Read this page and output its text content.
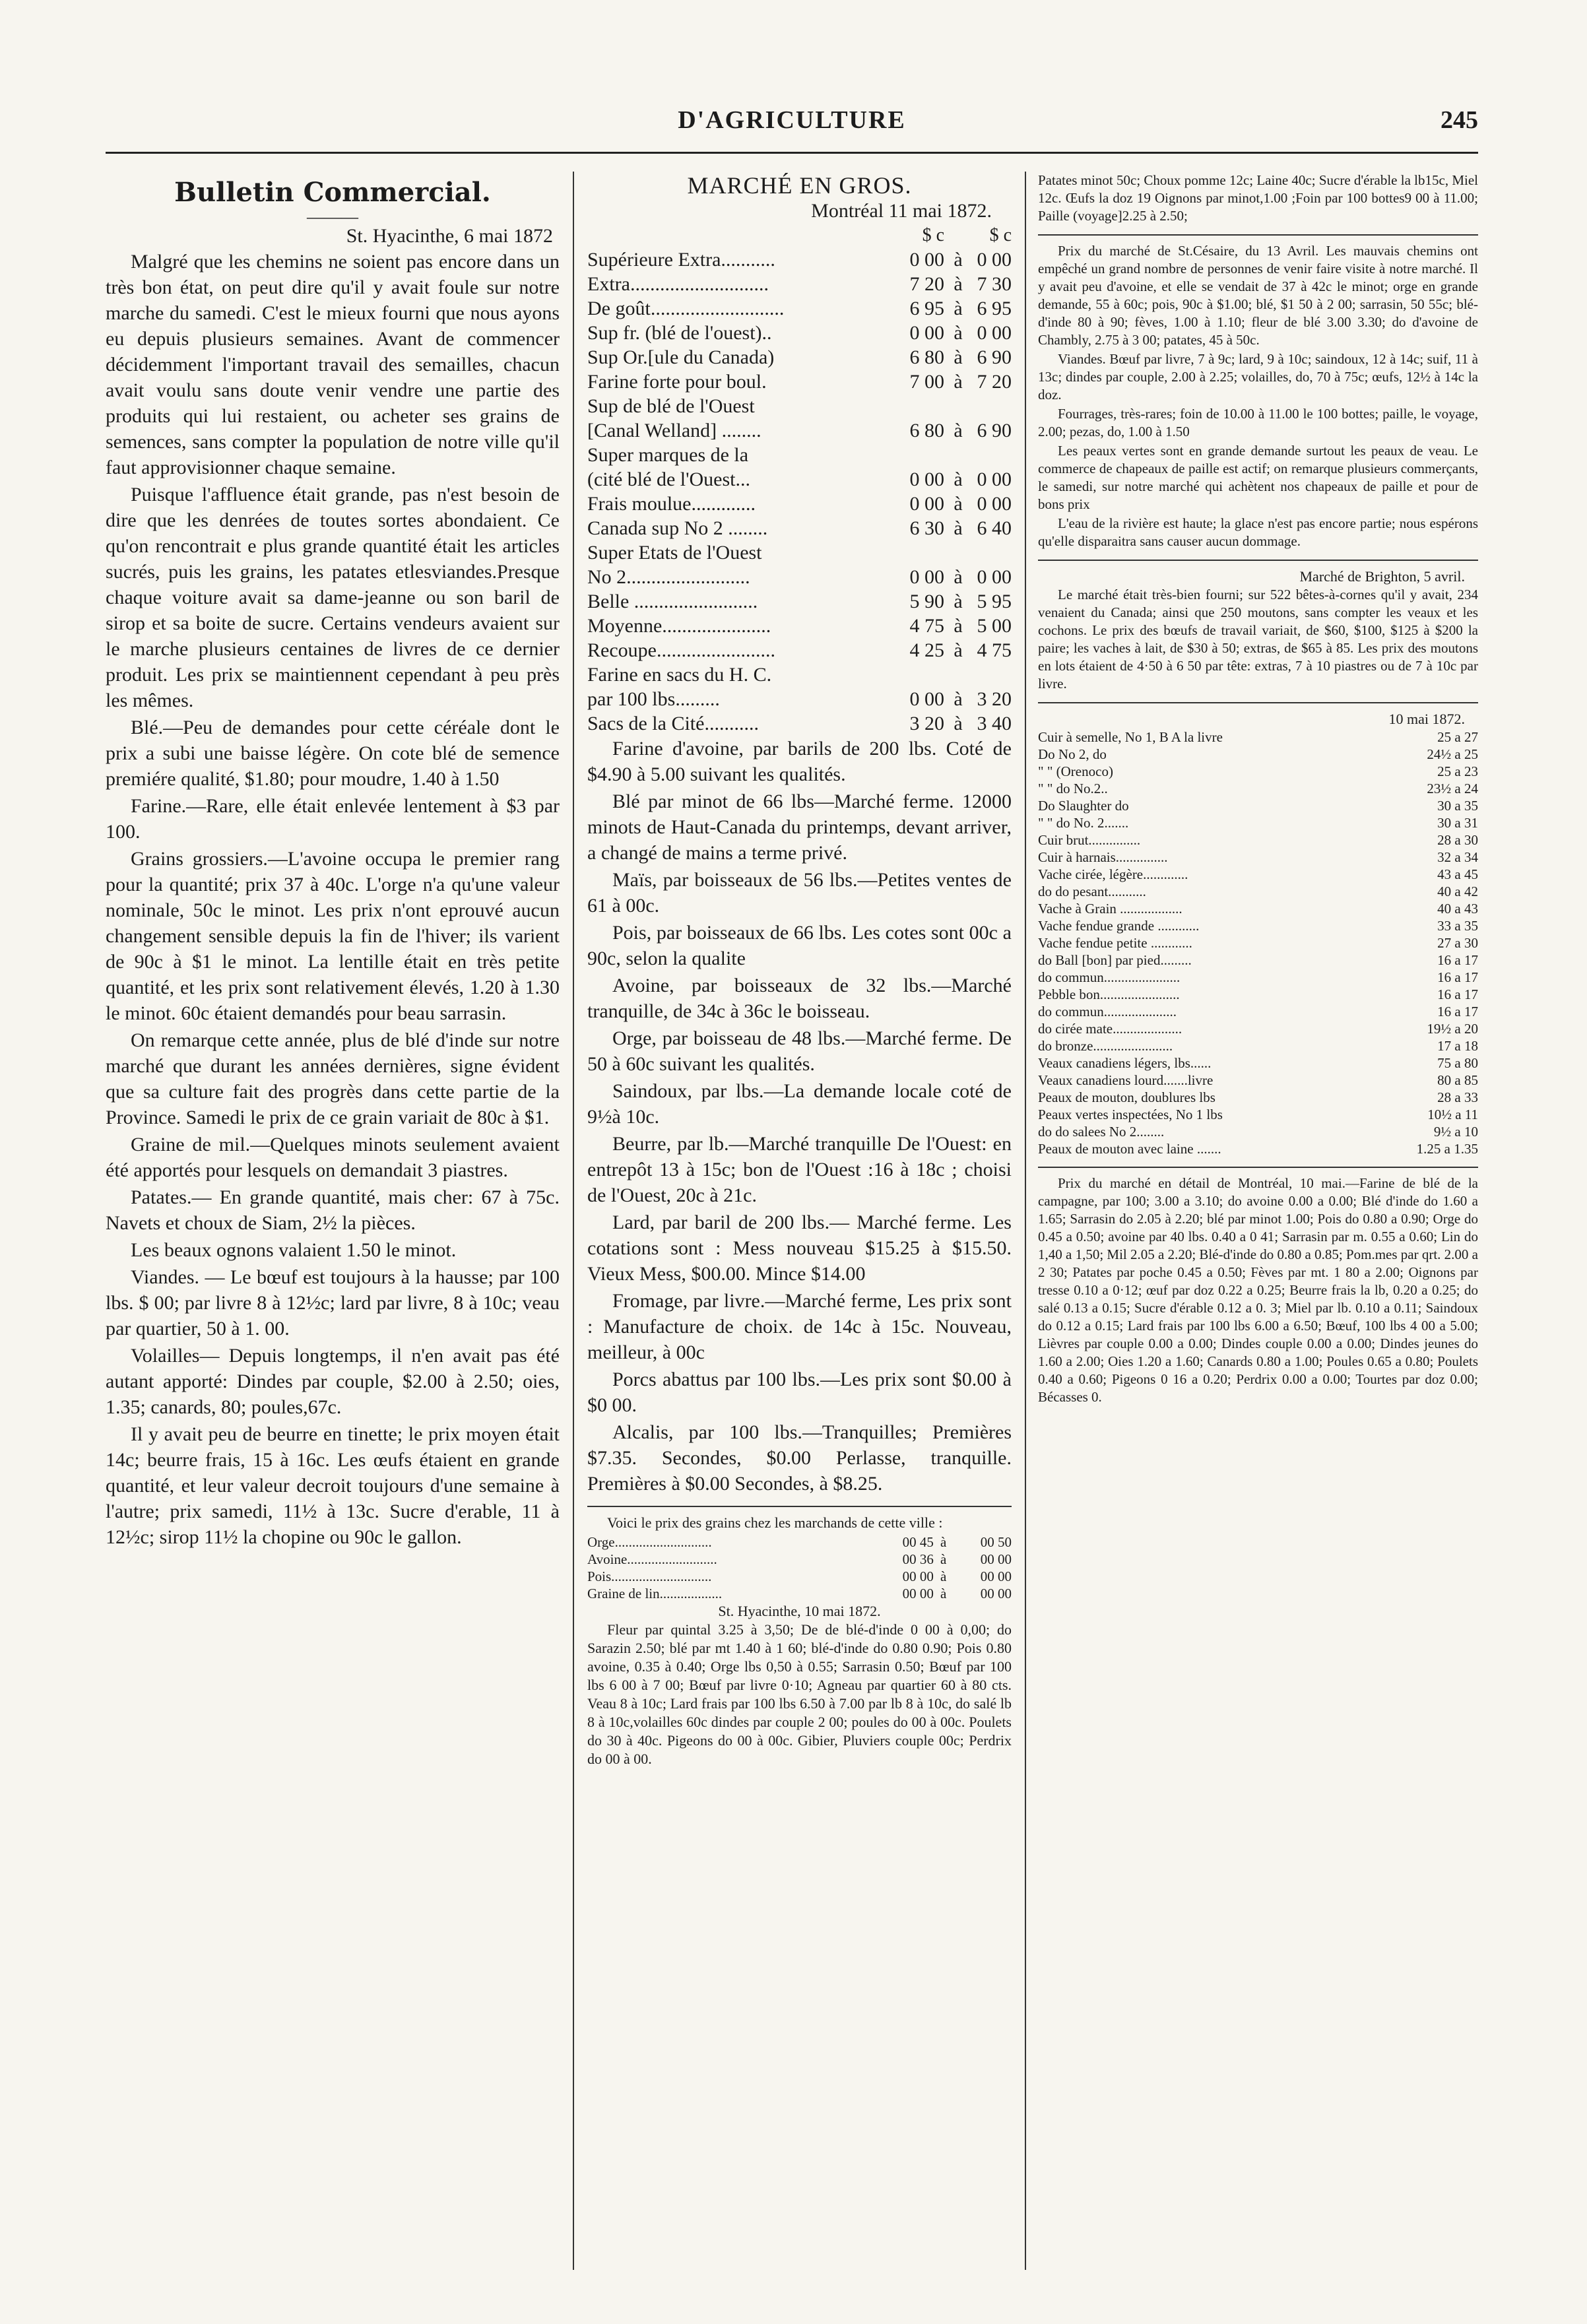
D'AGRICULTURE	245
Bulletin Commercial.
———
St. Hyacinthe, 6 mai 1872

Malgré que les chemins ne soient pas encore dans un très bon état, on peut dire qu'il y avait foule sur notre marche du samedi. C'est le mieux fourni que nous ayons eu depuis plusieurs semaines. Avant de commencer décidemment l'important travail des semailles, chacun avait voulu sans doute venir vendre une partie des produits qui lui restaient, ou acheter ses grains de semences, sans compter la population de notre ville qu'il faut approvisionner chaque semaine.

Puisque l'affluence était grande, pas n'est besoin de dire que les denrées de toutes sortes abondaient. Ce qu'on rencontrait e plus grande quantité était les articles sucrés, puis les grains, les patates etlesviandes.Presque chaque voiture avait sa dame-jeanne ou son baril de sirop et sa boite de sucre. Certains vendeurs avaient sur le marche plusieurs centaines de livres de ce dernier produit. Les prix se maintiennent cependant à peu près les mêmes.

Blé.—Peu de demandes pour cette céréale dont le prix a subi une baisse légère. On cote blé de semence premiére qualité, $1.80; pour moudre, 1.40 à 1.50

Farine.—Rare, elle était enlevée lentement à $3 par 100.

Grains grossiers.—L'avoine occupa le premier rang pour la quantité; prix 37 à 40c. L'orge n'a qu'une valeur nominale, 50c le minot. Les prix n'ont eprouvé aucun changement sensible depuis la fin de l'hiver; ils varient de 90c à $1 le minot. La lentille était en très petite quantité, et les prix sont relativement élevés, 1.20 à 1.30 le minot. 60c étaient demandés pour beau sarrasin.

On remarque cette année, plus de blé d'inde sur notre marché que durant les années dernières, signe évident que sa culture fait des progrès dans cette partie de la Province. Samedi le prix de ce grain variait de 80c à $1.

Graine de mil.—Quelques minots seulement avaient été apportés pour lesquels on demandait 3 piastres.

Patates.— En grande quantité, mais cher: 67 à 75c. Navets et choux de Siam, 2½ la pièces.

Les beaux ognons valaient 1.50 le minot.

Viandes. — Le bœuf est toujours à la hausse; par 100 lbs. $ 00; par livre 8 à 12½c; lard par livre, 8 à 10c; veau par quartier, 50 à 1. 00.

Volailles— Depuis longtemps, il n'en avait pas été autant apporté: Dindes par couple, $2.00 à 2.50; oies, 1.35; canards, 80; poules,67c.

Il y avait peu de beurre en tinette; le prix moyen était 14c; beurre frais, 15 à 16c. Les œufs étaient en grande quantité, et leur valeur decroit toujours d'une semaine à l'autre; prix samedi, 11½ à 13c. Sucre d'erable, 11 à 12½c; sirop 11½ la chopine ou 90c le gallon.

MARCHÉ EN GROS.
Montréal 11 mai 1872.
	$ c		$ c
Supérieure Extra...........	0 00	à	0 00
Extra............................	7 20	à	7 30
De goût...........................	6 95	à	6 95
Sup fr. (blé de l'ouest)..	0 00	à	0 00
Sup Or.[ule du Canada)	6 80	à	6 90
Farine forte pour boul.	7 00	à	7 20
Sup de blé de l'Ouest			
[Canal Welland] ........	6 80	à	6 90
Super marques de la			
(cité blé de l'Ouest...	0 00	à	0 00
Frais moulue.............	0 00	à	0 00
Canada sup No 2 ........	6 30	à	6 40
Super Etats de l'Ouest			
No 2.........................	0 00	à	0 00
Belle .........................	5 90	à	5 95
Moyenne......................	4 75	à	5 00
Recoupe........................	4 25	à	4 75
Farine en sacs du H. C.			
par 100 lbs.........	0 00	à	3 20
Sacs de la Cité...........	3 20	à	3 40

Farine d'avoine, par barils de 200 lbs. Coté de $4.90 à 5.00 suivant les qualités.

Blé par minot de 66 lbs—Marché ferme. 12000 minots de Haut-Canada du printemps, devant arriver, a changé de mains a terme privé.

Maïs, par boisseaux de 56 lbs.—Petites ventes de 61 à 00c.

Pois, par boisseaux de 66 lbs. Les cotes sont 00c a 90c, selon la qualite

Avoine, par boisseaux de 32 lbs.—Marché tranquille, de 34c à 36c le boisseau.

Orge, par boisseau de 48 lbs.—Marché ferme. De 50 à 60c suivant les qualités.

Saindoux, par lbs.—La demande locale coté de 9½à 10c.

Beurre, par lb.—Marché tranquille De l'Ouest: en entrepôt 13 à 15c; bon de l'Ouest :16 à 18c ; choisi de l'Ouest, 20c à 21c.

Lard, par baril de 200 lbs.— Marché ferme. Les cotations sont : Mess nouveau $15.25 à $15.50. Vieux Mess, $00.00. Mince $14.00

Fromage, par livre.—Marché ferme, Les prix sont : Manufacture de choix. de 14c à 15c. Nouveau, meilleur, à 00c

Porcs abattus par 100 lbs.—Les prix sont $0.00 à $0 00.

Alcalis, par 100 lbs.—Tranquilles; Premières $7.35. Secondes, $0.00 Perlasse, tranquille. Premières à $0.00 Secondes, à $8.25.

Voici le prix des grains chez les marchands de cette ville :

Orge............................	00 45	à	00 50
Avoine..........................	00 36	à	00 00
Pois.............................	00 00	à	00 00
Graine de lin..................	00 00	à	00 00
St. Hyacinthe, 10 mai 1872.

Fleur par quintal 3.25 à 3,50; De de blé-d'inde 0 00 à 0,00; do Sarazin 2.50; blé par mt 1.40 à 1 60; blé-d'inde do 0.80 0.90; Pois 0.80 avoine, 0.35 à 0.40; Orge lbs 0,50 à 0.55; Sarrasin 0.50; Bœuf par 100 lbs 6 00 à 7 00; Bœuf par livre 0·10; Agneau par quartier 60 à 80 cts. Veau 8 à 10c; Lard frais par 100 lbs 6.50 à 7.00 par lb 8 à 10c, do salé lb 8 à 10c,volailles 60c dindes par couple 2 00; poules do 00 à 00c. Poulets do 30 à 40c. Pigeons do 00 à 00c. Gibier, Pluviers couple 00c; Perdrix do 00 à 00.

Patates minot 50c; Choux pomme 12c; Laine 40c; Sucre d'érable la lb15c, Miel 12c. Œufs la doz 19 Oignons par minot,1.00 ;Foin par 100 bottes9 00 à 11.00; Paille (voyage]2.25 à 2.50;

Prix du marché de St.Césaire, du 13 Avril. Les mauvais chemins ont empêché un grand nombre de personnes de venir faire visite à notre marché. Il y avait peu d'avoine, et elle se vendait de 37 à 42c le minot; orge en grande demande, 55 à 60c; pois, 90c à $1.00; blé, $1 50 à 2 00; sarrasin, 50 55c; blé-d'inde 80 à 90; fèves, 1.00 à 1.10; fleur de blé 3.00 3.30; do d'avoine de Chambly, 2.75 à 3 00; patates, 45 à 50c.

Viandes. Bœuf par livre, 7 à 9c; lard, 9 à 10c; saindoux, 12 à 14c; suif, 11 à 13c; dindes par couple, 2.00 à 2.25; volailles, do, 70 à 75c; œufs, 12½ à 14c la doz.

Fourrages, très-rares; foin de 10.00 à 11.00 le 100 bottes; paille, le voyage, 2.00; pezas, do, 1.00 à 1.50

Les peaux vertes sont en grande demande surtout les peaux de veau. Le commerce de chapeaux de paille est actif; on remarque plusieurs commerçants, le samedi, sur notre marché qui achètent nos chapeaux de paille et pour de bons prix

L'eau de la rivière est haute; la glace n'est pas encore partie; nous espérons qu'elle disparaitra sans causer aucun dommage.

Marché de Brighton, 5 avril.

Le marché était très-bien fourni; sur 522 bêtes-à-cornes qu'il y avait, 234 venaient du Canada; ainsi que 250 moutons, sans compter les veaux et les cochons. Le prix des bœufs de travail variait, de $60, $100, $125 à $200 la paire; les vaches à lait, de $30 à 50; extras, de $65 à 85. Les prix des moutons en lots étaient de 4·50 à 6 50 par tête: extras, 7 à 10 piastres ou de 7 à 10c par livre.

10 mai 1872.
Cuir à semelle, No 1, B A la livre	25 a 27
Do No 2, do	24½ a 25
" " (Orenoco)	25 a 23
" " do No.2..	23½ a 24
Do Slaughter do	30 a 35
" " do No. 2.......	30 a 31
Cuir brut...............	28 a 30
Cuir à harnais...............	32 a 34
Vache cirée, légère.............	43 a 45
do do pesant...........	40 a 42
Vache à Grain ..................	40 a 43
Vache fendue grande ............	33 a 35
Vache fendue petite ............	27 a 30
do Ball [bon] par pied.........	16 a 17
do commun......................	16 a 17
Pebble bon.......................	16 a 17
do commun.....................	16 a 17
do cirée mate....................	19½ a 20
do bronze.......................	17 a 18
Veaux canadiens légers, lbs......	75 a 80
Veaux canadiens lourd.......livre	80 a 85
Peaux de mouton, doublures lbs	28 a 33
Peaux vertes inspectées, No 1 lbs	10½ a 11
do do salees No 2........	9½ a 10
Peaux de mouton avec laine .......	1.25 a 1.35

Prix du marché en détail de Montréal, 10 mai.—Farine de blé de la campagne, par 100; 3.00 a 3.10; do avoine 0.00 a 0.00; Blé d'inde do 1.60 a 1.65; Sarrasin do 2.05 à 2.20; blé par minot 1.00; Pois do 0.80 a 0.90; Orge do 0.45 a 0.50; avoine par 40 lbs. 0.40 a 0 41; Sarrasin par m. 0.55 a 0.60; Lin do 1,40 a 1,50; Mil 2.05 a 2.20; Blé-d'inde do 0.80 a 0.85; Pom.mes par qrt. 2.00 a 2 30; Patates par poche 0.45 a 0.50; Fèves par mt. 1 80 a 2.00; Oignons par tresse 0.10 a 0·12; œuf par doz 0.22 a 0.25; Beurre frais la lb, 0.20 a 0.25; do salé 0.13 a 0.15; Sucre d'érable 0.12 a 0. 3; Miel par lb. 0.10 a 0.11; Saindoux do 0.12 a 0.15; Lard frais par 100 lbs 6.00 a 6.50; Bœuf, 100 lbs 4 00 a 5.00; Lièvres par couple 0.00 a 0.00; Dindes couple 0.00 a 0.00; Dindes jeunes do 1.60 a 2.00; Oies 1.20 a 1.60; Canards 0.80 a 1.00; Poules 0.65 a 0.80; Poulets 0.40 a 0.60; Pigeons 0 16 a 0.20; Perdrix 0.00 a 0.00; Tourtes par doz 0.00; Bécasses 0.
